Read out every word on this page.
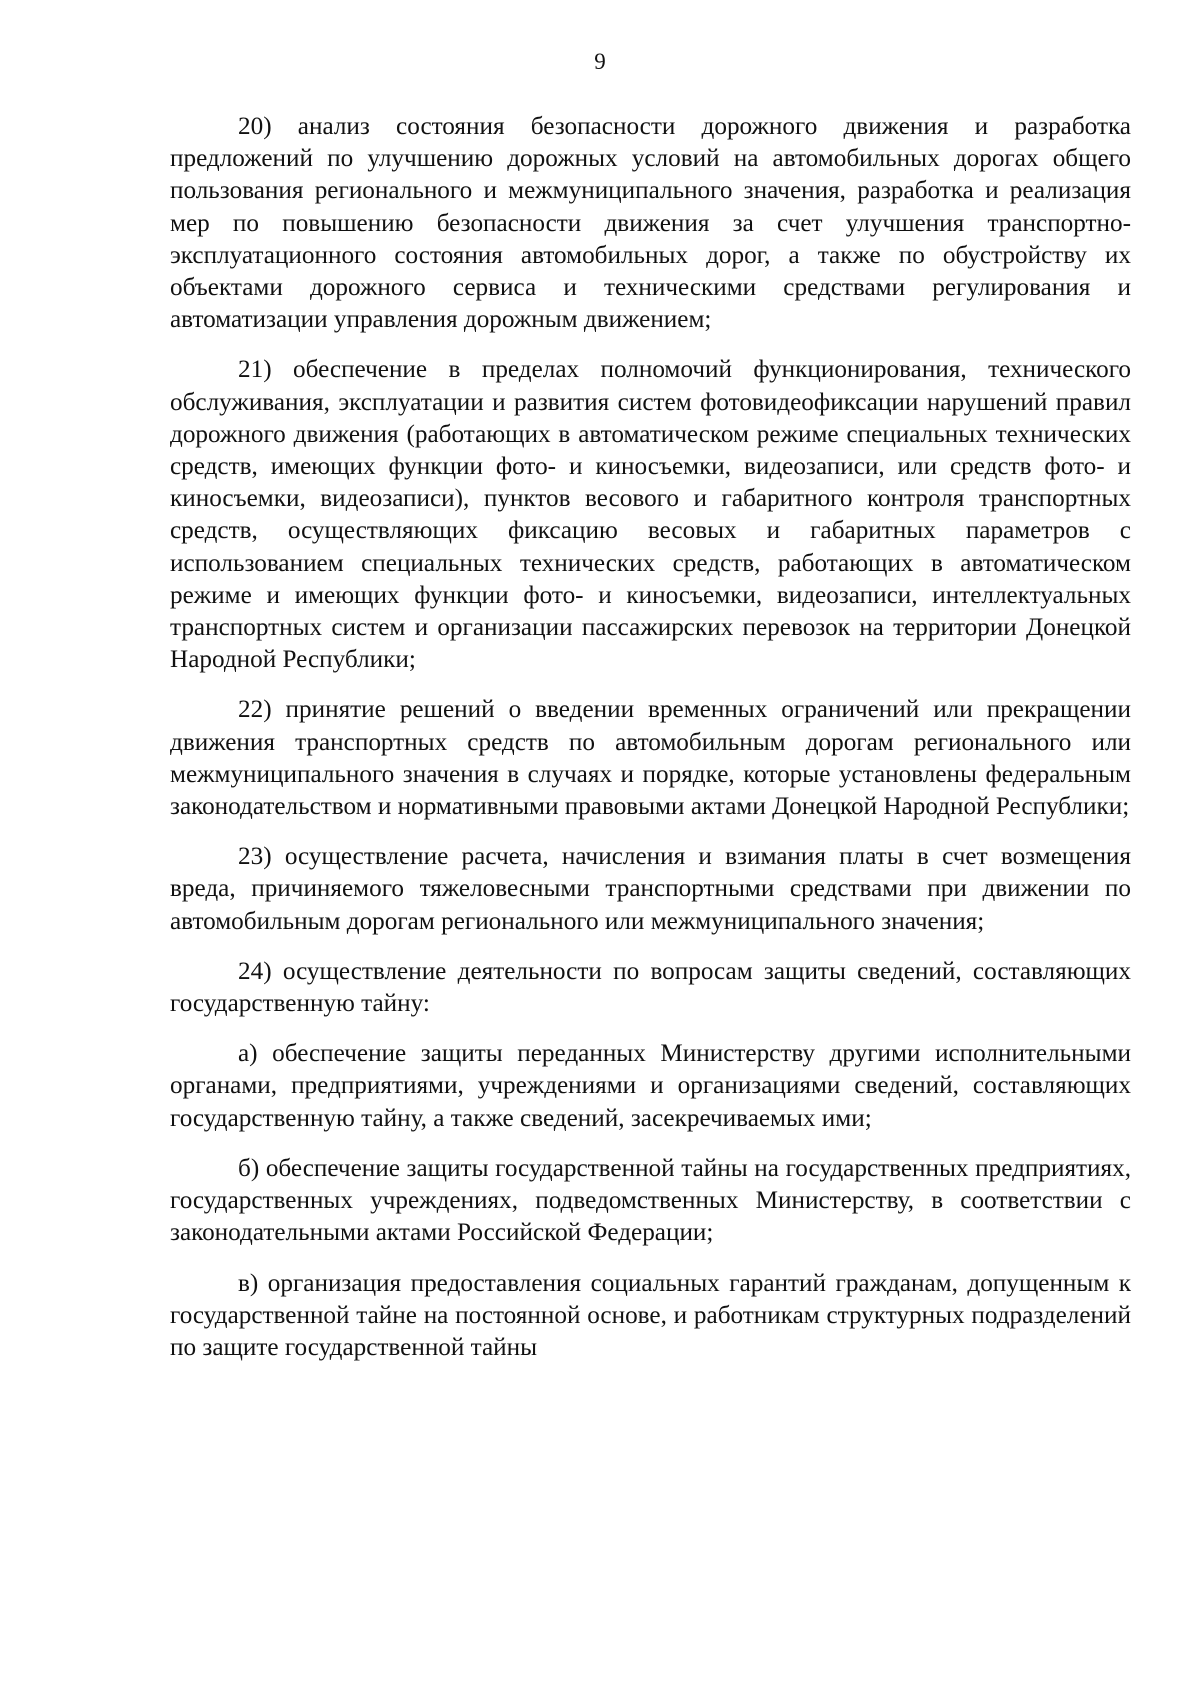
9

20) анализ состояния безопасности дорожного движения и разработка предложений по улучшению дорожных условий на автомобильных дорогах общего пользования регионального и межмуниципального значения, разработка и реализация мер по повышению безопасности движения за счет улучшения транспортно-эксплуатационного состояния автомобильных дорог, а также по обустройству их объектами дорожного сервиса и техническими средствами регулирования и автоматизации управления дорожным движением;

21) обеспечение в пределах полномочий функционирования, технического обслуживания, эксплуатации и развития систем фотовидеофиксации нарушений правил дорожного движения (работающих в автоматическом режиме специальных технических средств, имеющих функции фото- и киносъемки, видеозаписи, или средств фото- и киносъемки, видеозаписи), пунктов весового и габаритного контроля транспортных средств, осуществляющих фиксацию весовых и габаритных параметров с использованием специальных технических средств, работающих в автоматическом режиме и имеющих функции фото- и киносъемки, видеозаписи, интеллектуальных транспортных систем и организации пассажирских перевозок на территории Донецкой Народной Республики;

22) принятие решений о введении временных ограничений или прекращении движения транспортных средств по автомобильным дорогам регионального или межмуниципального значения в случаях и порядке, которые установлены федеральным законодательством и нормативными правовыми актами Донецкой Народной Республики;

23) осуществление расчета, начисления и взимания платы в счет возмещения вреда, причиняемого тяжеловесными транспортными средствами при движении по автомобильным дорогам регионального или межмуниципального значения;

24) осуществление деятельности по вопросам защиты сведений, составляющих государственную тайну:

а) обеспечение защиты переданных Министерству другими исполнительными органами, предприятиями, учреждениями и организациями сведений, составляющих государственную тайну, а также сведений, засекречиваемых ими;

б) обеспечение защиты государственной тайны на государственных предприятиях, государственных учреждениях, подведомственных Министерству, в соответствии с законодательными актами Российской Федерации;

в) организация предоставления социальных гарантий гражданам, допущенным к государственной тайне на постоянной основе, и работникам структурных подразделений по защите государственной тайны
